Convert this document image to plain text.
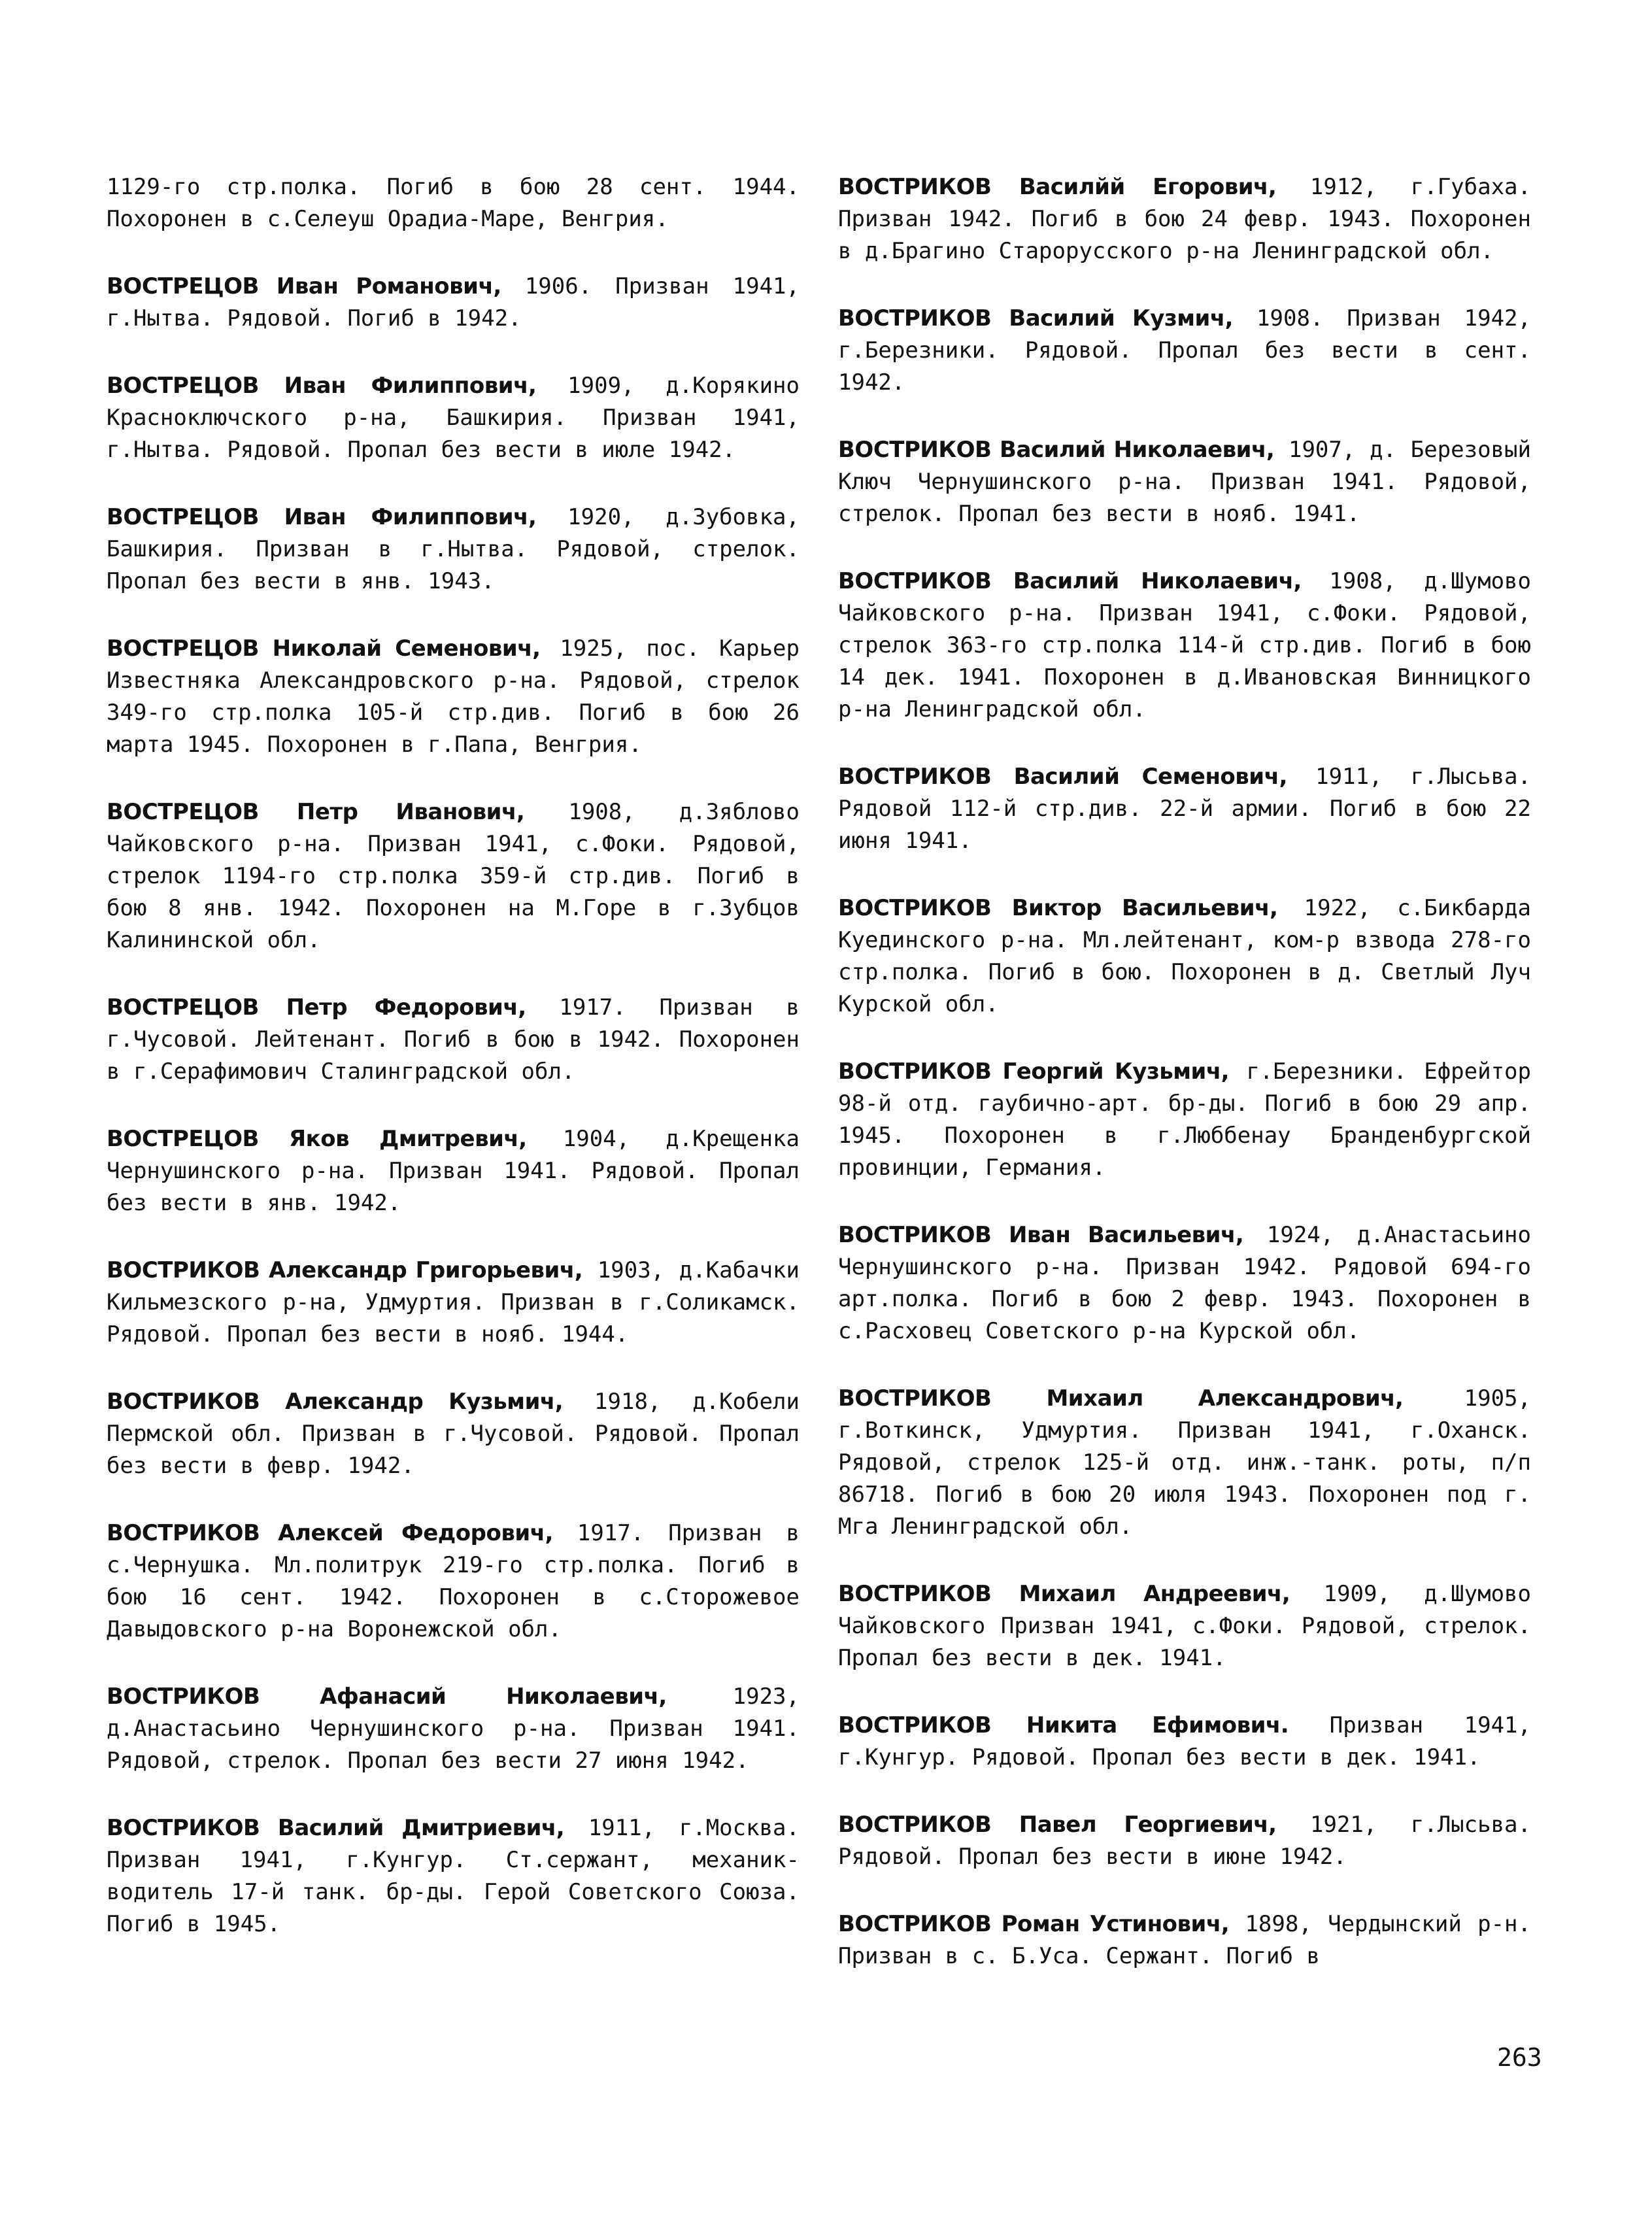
1129-го стр.полка. Погиб в бою 28 сент. 1944. Похоронен в с.Селеуш Орадиа-Маре, Венгрия.

ВОСТРЕЦОВ Иван Романович, 1906. Призван 1941, г.Нытва. Рядовой. Погиб в 1942.

ВОСТРЕЦОВ Иван Филиппович, 1909, д.Корякино Красноключского р-на, Башкирия. Призван 1941, г.Нытва. Рядовой. Пропал без вести в июле 1942.

ВОСТРЕЦОВ Иван Филиппович, 1920, д.Зубовка, Башкирия. Призван в г.Нытва. Рядовой, стрелок. Пропал без вести в янв. 1943.

ВОСТРЕЦОВ Николай Семенович, 1925, пос. Карьер Известняка Александровского р-на. Рядовой, стрелок 349-го стр.полка 105-й стр.див. Погиб в бою 26 марта 1945. Похоронен в г.Папа, Венгрия.

ВОСТРЕЦОВ Петр Иванович, 1908, д.Зяблово Чайковского р-на. Призван 1941, с.Фоки. Рядовой, стрелок 1194-го стр.полка 359-й стр.див. Погиб в бою 8 янв. 1942. Похоронен на М.Горе в г.Зубцов Калининской обл.

ВОСТРЕЦОВ Петр Федорович, 1917. Призван в г.Чусовой. Лейтенант. Погиб в бою в 1942. Похоронен в г.Серафимович Сталинградской обл.

ВОСТРЕЦОВ Яков Дмитревич, 1904, д.Крещенка Чернушинского р-на. Призван 1941. Рядовой. Пропал без вести в янв. 1942.

ВОСТРИКОВ Александр Григорьевич, 1903, д.Кабачки Кильмезского р-на, Удмуртия. Призван в г.Соликамск. Рядовой. Пропал без вести в нояб. 1944.

ВОСТРИКОВ Александр Кузьмич, 1918, д.Кобели Пермской обл. Призван в г.Чусовой. Рядовой. Пропал без вести в февр. 1942.

ВОСТРИКОВ Алексей Федорович, 1917. Призван в с.Чернушка. Мл.политрук 219-го стр.полка. Погиб в бою 16 сент. 1942. Похоронен в с.Сторожевое Давыдовского р-на Воронежской обл.

ВОСТРИКОВ Афанасий Николаевич,	1923, д.Анастасьино Чернушинского р-на. Призван 1941. Рядовой, стрелок. Пропал без вести 27 июня 1942.

ВОСТРИКОВ Василий Дмитриевич, 1911, г.Москва. Призван 1941, г.Кунгур. Ст.сержант, механик-водитель 17-й танк. бр-ды. Герой Советского Союза. Погиб в 1945.

ВОСТРИКОВ Василйй Егорович, 1912, г.Губаха. Призван 1942. Погиб в бою 24 февр. 1943. Похоронен в д.Брагино Старорусского р-на Ленинградской обл.

ВОСТРИКОВ Василий Кузмич, 1908. Призван 1942, г.Березники. Рядовой. Пропал без вести в сент. 1942.

ВОСТРИКОВ Василий Николаевич, 1907, д. Березовый Ключ Чернушинского р-на. Призван 1941. Рядовой, стрелок. Пропал без вести в нояб. 1941.

ВОСТРИКОВ Василий Николаевич, 1908, д.Шумово Чайковского р-на. Призван 1941, с.Фоки. Рядовой, стрелок 363-го стр.полка 114-й стр.див. Погиб в бою 14 дек. 1941. Похоронен в д.Ивановская Винницкого р-на Ленинградской обл.

ВОСТРИКОВ Василий Семенович, 1911, г.Лысьва. Рядовой 112-й стр.див. 22-й армии. Погиб в бою 22 июня 1941.

ВОСТРИКОВ Виктор Васильевич, 1922, с.Бикбарда Куединского р-на. Мл.лейтенант, ком-р взвода 278-го стр.полка. Погиб в бою. Похоронен в д. Светлый Луч Курской обл.

ВОСТРИКОВ Георгий Кузьмич, г.Березники. Ефрейтор 98-й отд. гаубично-арт. бр-ды. Погиб в бою 29 апр. 1945. Похоронен в г.Люббенау Бранденбургской провинции, Германия.

ВОСТРИКОВ Иван Васильевич, 1924, д.Анастасьино Чернушинского р-на. Призван 1942. Рядовой 694-го арт.полка. Погиб в бою 2 февр. 1943. Похоронен в с.Расховец Советского р-на Курской обл.

ВОСТРИКОВ Михаил Александрович,	1905, г.Воткинск, Удмуртия. Призван 1941, г.Оханск. Рядовой, стрелок 125-й отд. инж.-танк. роты, п/п 86718. Погиб в бою 20 июля 1943. Похоронен под г. Мга Ленинградской обл.

ВОСТРИКОВ Михаил Андреевич, 1909, д.Шумово Чайковского Призван 1941, с.Фоки. Рядовой, стрелок. Пропал без вести в дек. 1941.

ВОСТРИКОВ Никита Ефимович. Призван 1941, г.Кунгур. Рядовой. Пропал без вести в дек. 1941.

ВОСТРИКОВ Павел Георгиевич, 1921, г.Лысьва. Рядовой. Пропал без вести в июне 1942.

ВОСТРИКОВ Роман Устинович, 1898, Чердынский р-н. Призван в с. Б.Уса. Сержант. Погиб в

263
